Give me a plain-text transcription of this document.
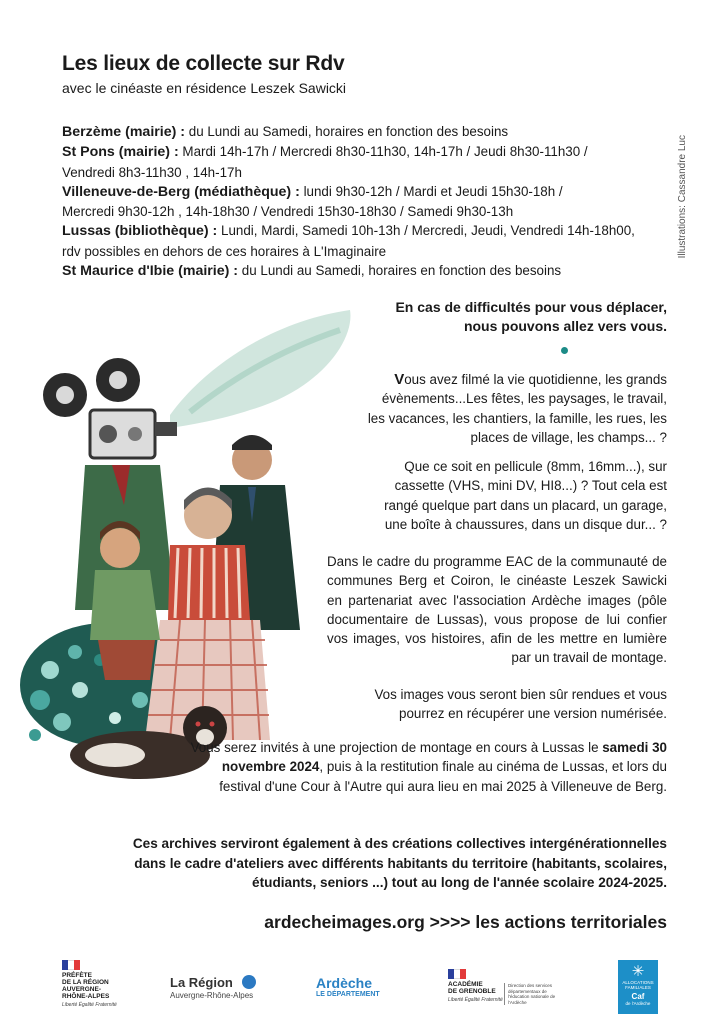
Les lieux de collecte sur Rdv
avec le cinéaste en résidence Leszek Sawicki
Illustrations: Cassandre Luc
Berzème (mairie) : du Lundi au Samedi, horaires en fonction des besoins
St Pons (mairie) : Mardi 14h-17h / Mercredi 8h30-11h30, 14h-17h / Jeudi 8h30-11h30 /
Vendredi 8h3-11h30 , 14h-17h
Villeneuve-de-Berg (médiathèque) : lundi 9h30-12h / Mardi et Jeudi 15h30-18h /
Mercredi 9h30-12h , 14h-18h30 / Vendredi 15h30-18h30 / Samedi 9h30-13h
Lussas (bibliothèque) : Lundi, Mardi, Samedi 10h-13h / Mercredi, Jeudi, Vendredi 14h-18h00,
rdv possibles en dehors de ces horaires à L'Imaginaire
St Maurice d'Ibie (mairie) : du Lundi au Samedi, horaires en fonction des besoins
En cas de difficultés pour vous déplacer,
nous pouvons allez vers vous.
Vous avez filmé la vie quotidienne, les grands évènements...Les fêtes, les paysages, le travail, les vacances, les chantiers, la famille, les rues, les places de village, les champs... ?
Que ce soit en pellicule (8mm, 16mm...), sur cassette (VHS, mini DV, HI8...) ? Tout cela est rangé quelque part dans un placard, un garage, une boîte à chaussures, dans un disque dur... ?
Dans le cadre du programme EAC de la communauté de communes Berg et Coiron, le cinéaste Leszek Sawicki en partenariat avec l'association Ardèche images (pôle documentaire de Lussas), vous propose de lui confier vos images, vos histoires, afin de les mettre en lumière par un travail de montage.
Vos images vous seront bien sûr rendues et vous pourrez en récupérer une version numérisée.
Vous serez invités à une projection de montage en cours à Lussas le samedi 30 novembre 2024, puis à la restitution finale au cinéma de Lussas, et lors du festival d'une Cour à l'Autre qui aura lieu en mai 2025 à Villeneuve de Berg.
Ces archives serviront également à des créations collectives intergénérationnelles
dans le cadre d'ateliers avec différents habitants du territoire (habitants, scolaires,
étudiants, seniors ...) tout au long de l'année scolaire 2024-2025.
ardecheimages.org >>>> les actions territoriales
PRÉFÈTE
DE LA RÉGION
AUVERGNE-
RHÔNE-ALPES
Liberté Égalité Fraternité
La Région
Auvergne-Rhône-Alpes
Ardèche
LE DÉPARTEMENT
ACADÉMIE
DE GRENOBLE
Liberté Égalité Fraternité
Direction des services départementaux de l'éducation nationale de l'Ardèche
✳
ALLOCATIONS FAMILIALES
Caf
de l'Ardèche
